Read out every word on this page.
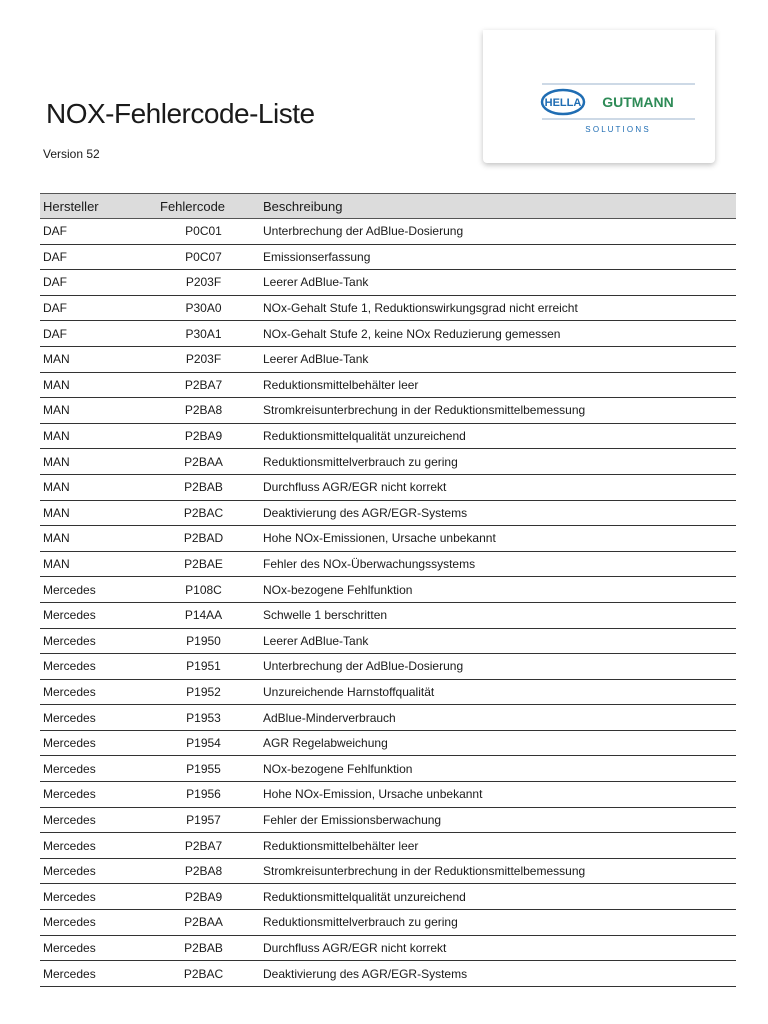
NOX-Fehlercode-Liste
Version 52
HELLA GUTMANN
S O L U T I O N S
Hersteller	Fehlercode	Beschreibung
DAF	P0C01	Unterbrechung der AdBlue-Dosierung
DAF	P0C07	Emissionserfassung
DAF	P203F	Leerer AdBlue-Tank
DAF	P30A0	NOx-Gehalt Stufe 1, Reduktionswirkungsgrad nicht erreicht
DAF	P30A1	NOx-Gehalt Stufe 2, keine NOx Reduzierung gemessen
MAN	P203F	Leerer AdBlue-Tank
MAN	P2BA7	Reduktionsmittelbehälter leer
MAN	P2BA8	Stromkreisunterbrechung in der Reduktionsmittelbemessung
MAN	P2BA9	Reduktionsmittelqualität unzureichend
MAN	P2BAA	Reduktionsmittelverbrauch zu gering
MAN	P2BAB	Durchfluss AGR/EGR nicht korrekt
MAN	P2BAC	Deaktivierung des AGR/EGR-Systems
MAN	P2BAD	Hohe NOx-Emissionen, Ursache unbekannt
MAN	P2BAE	Fehler des NOx-Überwachungssystems
Mercedes	P108C	NOx-bezogene Fehlfunktion
Mercedes	P14AA	Schwelle 1 berschritten
Mercedes	P1950	Leerer AdBlue-Tank
Mercedes	P1951	Unterbrechung der AdBlue-Dosierung
Mercedes	P1952	Unzureichende Harnstoffqualität
Mercedes	P1953	AdBlue-Minderverbrauch
Mercedes	P1954	AGR Regelabweichung
Mercedes	P1955	NOx-bezogene Fehlfunktion
Mercedes	P1956	Hohe NOx-Emission, Ursache unbekannt
Mercedes	P1957	Fehler der Emissionsberwachung
Mercedes	P2BA7	Reduktionsmittelbehälter leer
Mercedes	P2BA8	Stromkreisunterbrechung in der Reduktionsmittelbemessung
Mercedes	P2BA9	Reduktionsmittelqualität unzureichend
Mercedes	P2BAA	Reduktionsmittelverbrauch zu gering
Mercedes	P2BAB	Durchfluss AGR/EGR nicht korrekt
Mercedes	P2BAC	Deaktivierung des AGR/EGR-Systems
